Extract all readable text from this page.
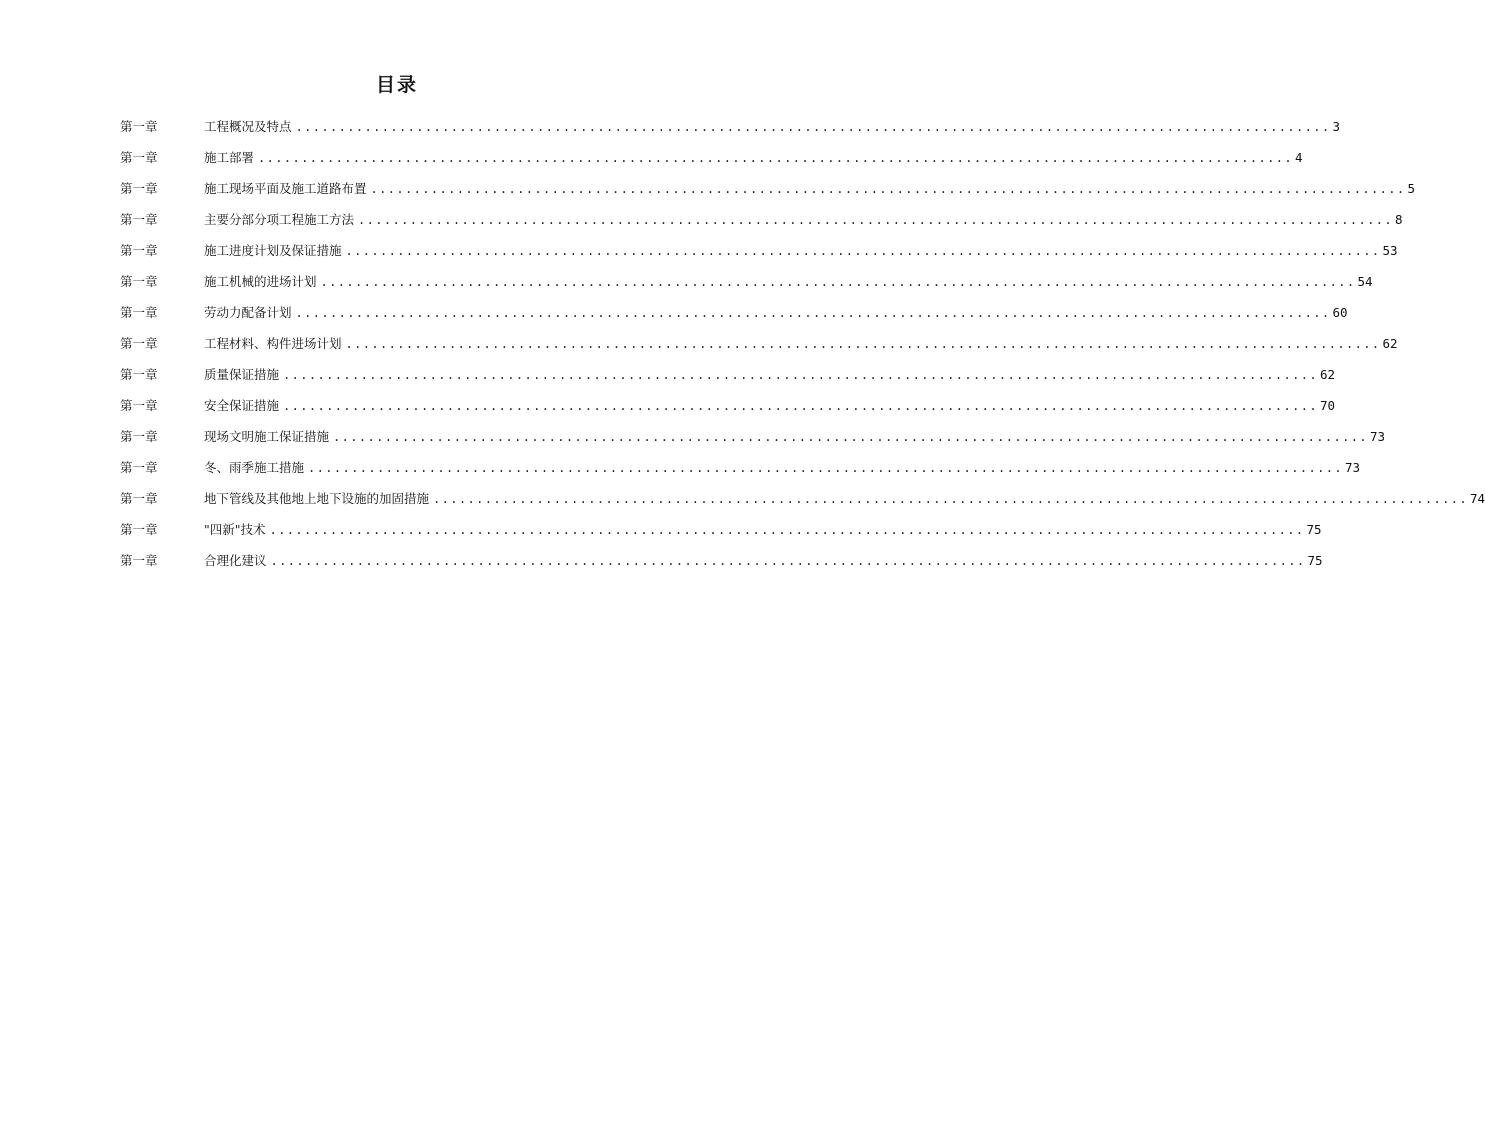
目录
第一章	工程概况及特点 ........................................................................................................................ 3
第一章	施工部署 ........................................................................................................................ 4
第一章	施工现场平面及施工道路布置 ........................................................................................................................ 5
第一章	主要分部分项工程施工方法 ........................................................................................................................ 8
第一章	施工进度计划及保证措施 ........................................................................................................................ 53
第一章	施工机械的进场计划 ........................................................................................................................ 54
第一章	劳动力配备计划 ........................................................................................................................ 60
第一章	工程材料、构件进场计划 ........................................................................................................................ 62
第一章	质量保证措施 ........................................................................................................................ 62
第一章	安全保证措施 ........................................................................................................................ 70
第一章	现场文明施工保证措施 ........................................................................................................................ 73
第一章	冬、雨季施工措施 ........................................................................................................................ 73
第一章	地下管线及其他地上地下设施的加固措施 ........................................................................................................................ 74
第一章	"四新"技术 ........................................................................................................................ 75
第一章	合理化建议 ........................................................................................................................ 75
